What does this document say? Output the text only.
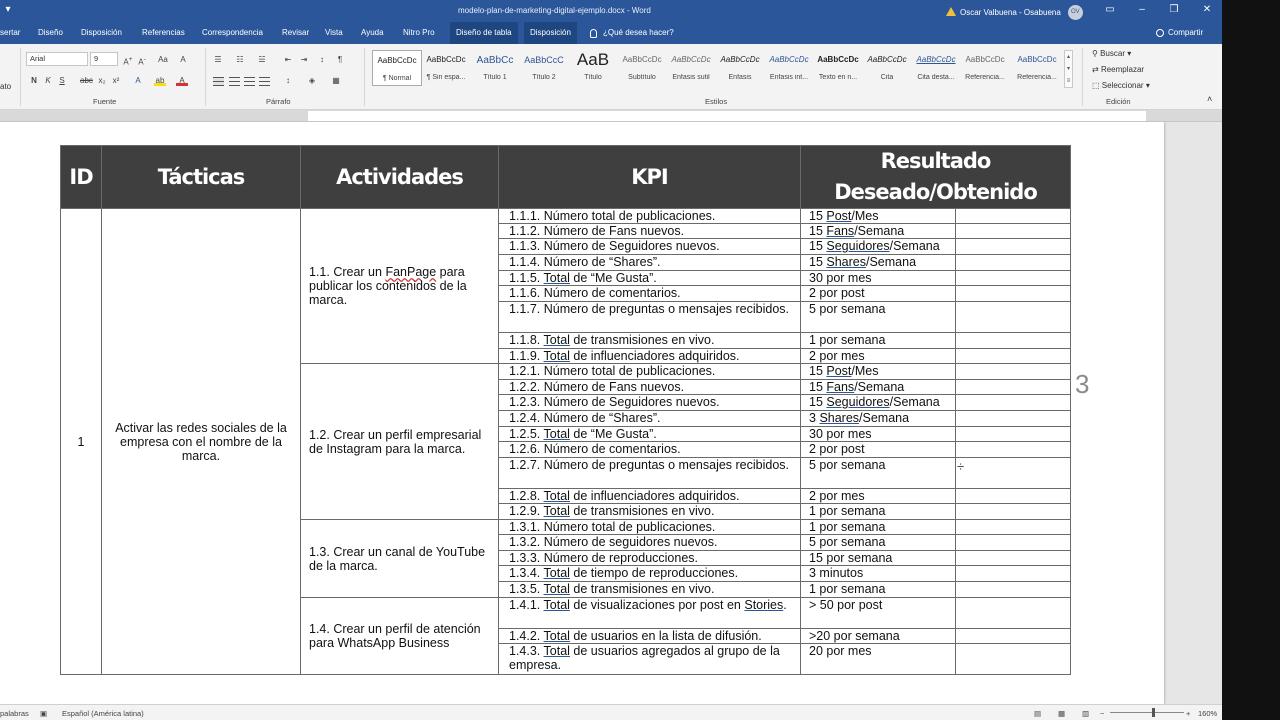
▾	modelo-plan-de-marketing-digital-ejemplo.docx - Word	Oscar Valbuena - Osabuena	OV	▭	–	❐	✕
sertar Diseño Disposición	Referencias Correspondencia Revisar Vista Ayuda Nitro Pro	Diseño de tabla	Disposición	¿Qué desea hacer?	Compartir
ato
Arial	9	A+ A- Aa	A
N	K	S	abc x₂ x²	A	ab	A
Fuente
☰	☷	☱	⇤	⇥	↕	¶
↕	◈	▦
Párrafo
AaBbCcDc
¶ Normal
AaBbCcDc
¶ Sin espa...
AaBbCc
Título 1
AaBbCcC
Título 2
AaB
Título
AaBbCcDc
Subtítulo
AaBbCcDc
Énfasis sutil
AaBbCcDc
Énfasis
AaBbCcDc
Énfasis int...
AaBbCcDc
Texto en n...
AaBbCcDc
Cita
AaBbCcDc
Cita desta...
AaBbCcDc
Referencia...
AaBbCcDc
Referencia...
▴
▾
≡
Estilos
⚲ Buscar ▾
⇄ Reemplazar
⬚ Seleccionar ▾
Edición	˄
ID	Tácticas	Actividades	KPI	Resultado Deseado/Obtenido	
1	Activar las redes sociales de la empresa con el nombre de la marca.	1.1. Crear un FanPage para publicar los contenidos de la marca.	1.1.1. Número total de publicaciones.	15 Post/Mes	
			1.1.2. Número de Fans nuevos.	15 Fans/Semana	
			1.1.3. Número de Seguidores nuevos.	15 Seguidores/Semana	
			1.1.4. Número de “Shares”.	15 Shares/Semana	
			1.1.5. Total de “Me Gusta”.	30 por mes	
			1.1.6. Número de comentarios.	2 por post	
			1.1.7. Número de preguntas o mensajes recibidos.	5 por semana	
			1.1.8. Total de transmisiones en vivo.	1 por semana	
			1.1.9. Total de influenciadores adquiridos.	2 por mes	
		1.2. Crear un perfil empresarial de Instagram para la marca.	1.2.1. Número total de publicaciones.	15 Post/Mes	
			1.2.2. Número de Fans nuevos.	15 Fans/Semana	
			1.2.3. Número de Seguidores nuevos.	15 Seguidores/Semana	
			1.2.4. Número de “Shares”.	3 Shares/Semana	
			1.2.5. Total de “Me Gusta”.	30 por mes	
			1.2.6. Número de comentarios.	2 por post	
			1.2.7. Número de preguntas o mensajes recibidos.	5 por semana	
			1.2.8. Total de influenciadores adquiridos.	2 por mes	
			1.2.9. Total de transmisiones en vivo.	1 por semana	
		1.3. Crear un canal de YouTube de la marca.	1.3.1. Número total de publicaciones.	1 por semana	
			1.3.2. Número de seguidores nuevos.	5 por semana	
			1.3.3. Número de reproducciones.	15 por semana	
			1.3.4. Total de tiempo de reproducciones.	3 minutos	
			1.3.5. Total de transmisiones en vivo.	1 por semana	
		1.4. Crear un perfil de atención para WhatsApp Business	1.4.1. Total de visualizaciones por post en Stories.	> 50 por post	
			1.4.2. Total de usuarios en la lista de difusión.	>20 por semana	
			1.4.3. Total de usuarios agregados al grupo de la empresa.	20 por mes	
3
÷
palabras ▣ Español (América latina)	▤ ▦ ▥ −	+ 160%
